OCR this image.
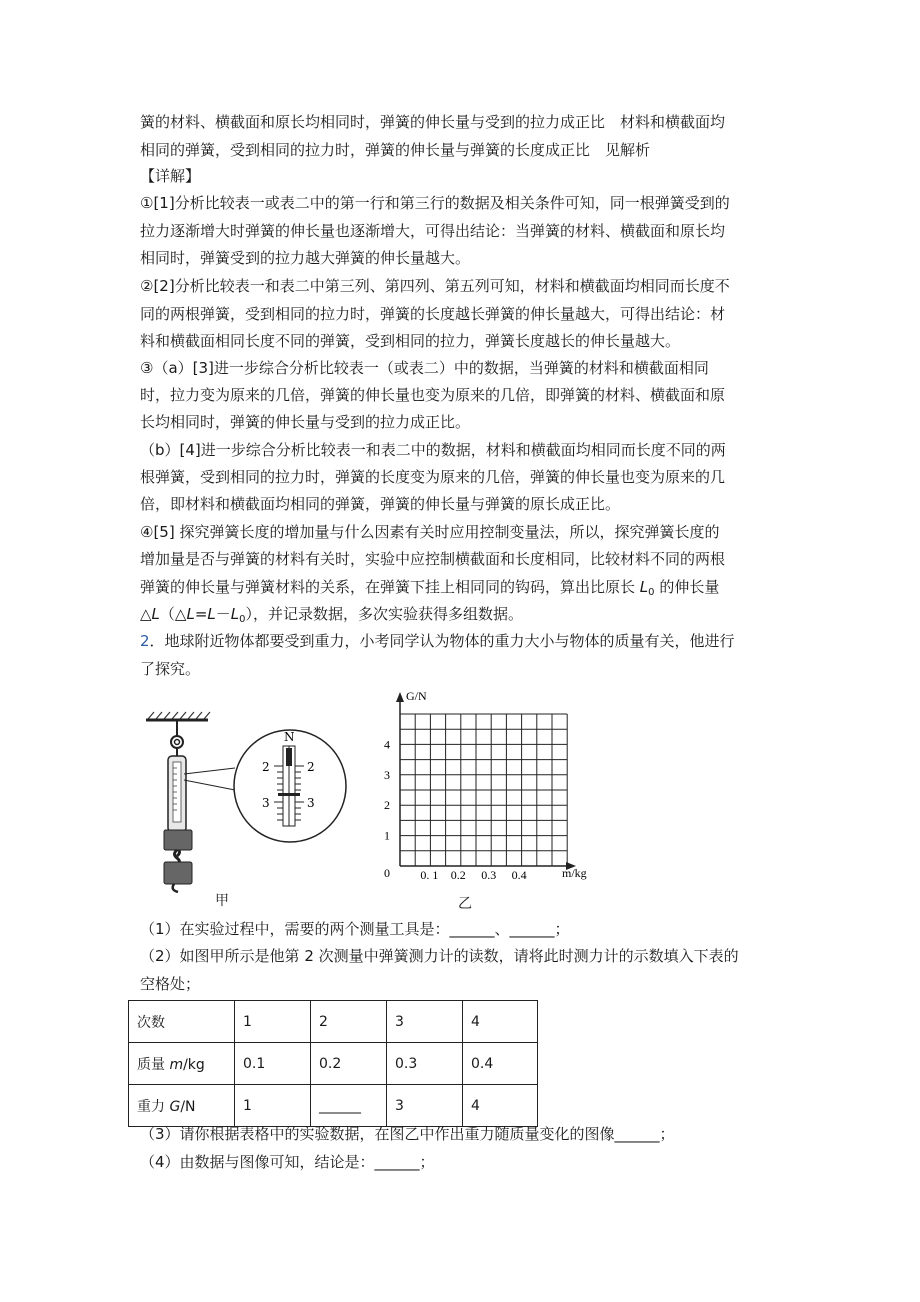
簧的材料、横截面和原长均相同时，弹簧的伸长量与受到的拉力成正比　材料和横截面均
相同的弹簧，受到相同的拉力时，弹簧的伸长量与弹簧的长度成正比　见解析
【详解】
①[1]分析比较表一或表二中的第一行和第三行的数据及相关条件可知，同一根弹簧受到的
拉力逐渐增大时弹簧的伸长量也逐渐增大，可得出结论：当弹簧的材料、横截面和原长均
相同时，弹簧受到的拉力越大弹簧的伸长量越大。
②[2]分析比较表一和表二中第三列、第四列、第五列可知，材料和横截面均相同而长度不
同的两根弹簧，受到相同的拉力时，弹簧的长度越长弹簧的伸长量越大，可得出结论：材
料和横截面相同长度不同的弹簧，受到相同的拉力，弹簧长度越长的伸长量越大。
③（a）[3]进一步综合分析比较表一（或表二）中的数据，当弹簧的材料和横截面相同
时，拉力变为原来的几倍，弹簧的伸长量也变为原来的几倍，即弹簧的材料、横截面和原
长均相同时，弹簧的伸长量与受到的拉力成正比。
（b）[4]进一步综合分析比较表一和表二中的数据，材料和横截面均相同而长度不同的两
根弹簧，受到相同的拉力时，弹簧的长度变为原来的几倍，弹簧的伸长量也变为原来的几
倍，即材料和横截面均相同的弹簧，弹簧的伸长量与弹簧的原长成正比。
④[5] 探究弹簧长度的增加量与什么因素有关时应用控制变量法，所以，探究弹簧长度的
增加量是否与弹簧的材料有关时，实验中应控制横截面和长度相同，比较材料不同的两根
弹簧的伸长量与弹簧材料的关系，在弹簧下挂上相同同的钩码，算出比原长 $L_0$ 的伸长量
$\triangle L(\triangle L=L-L_0)$，并记录数据，多次实验获得多组数据。
2．地球附近物体都要受到重力，小考同学认为物体的重力大小与物体的质量有关，他进行
了探究。
N
2	2
3	3
甲
G/N
m/kg
0
1
2
3
4
0. 1 0.2 0.3 0.4
乙
（1）在实验过程中，需要的两个测量工具是：______、______；
（2）如图甲所示是他第 2 次测量中弹簧测力计的读数，请将此时测力计的示数填入下表的
空格处；
次数	1	2	3	4
质量 m/kg	0.1	0.2	0.3	0.4
重力 G/N	1	______	3	4
（3）请你根据表格中的实验数据，在图乙中作出重力随质量变化的图像______；
（4）由数据与图像可知，结论是：______；
